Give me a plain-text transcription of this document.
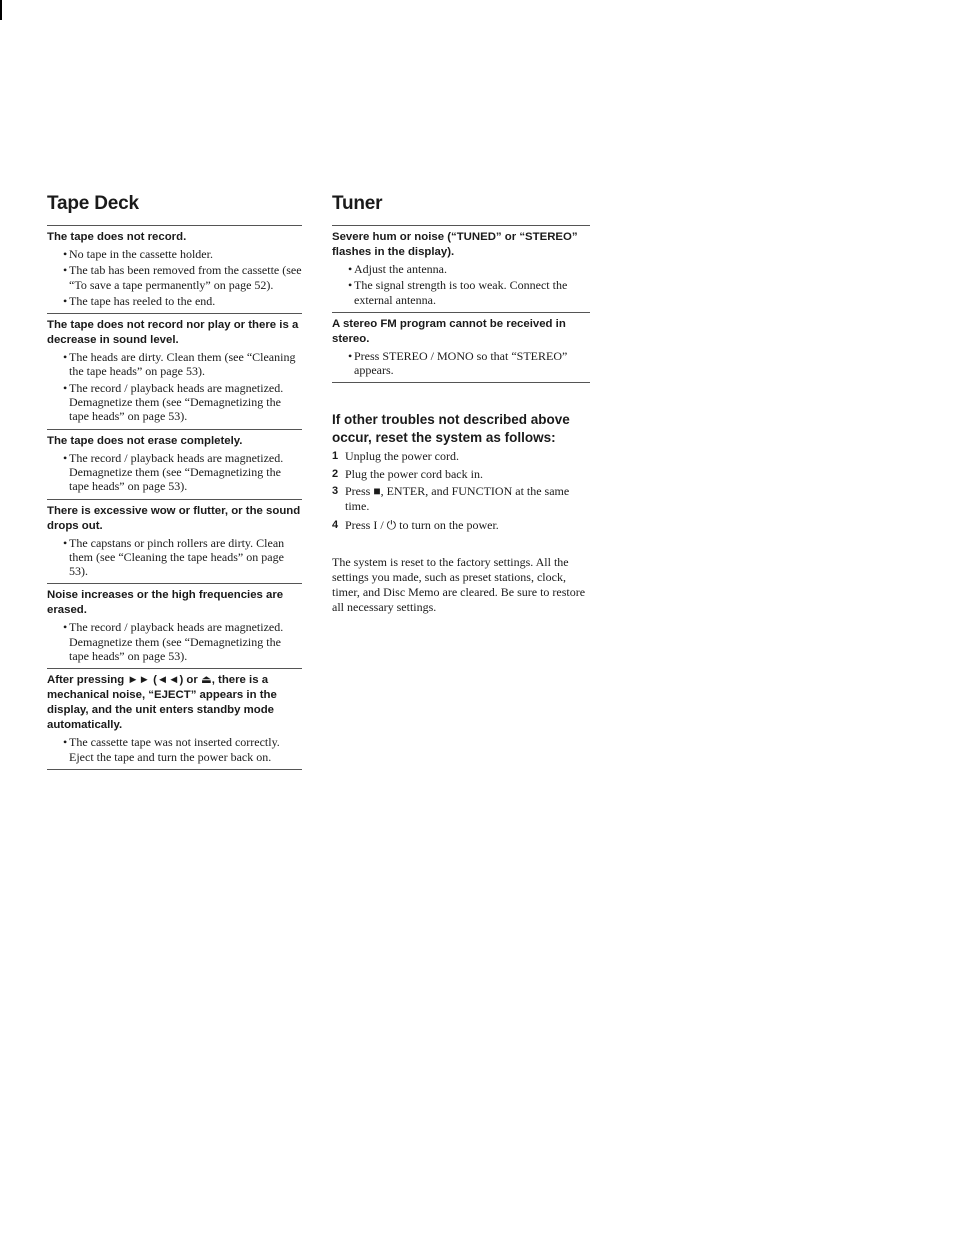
Tape Deck
The tape does not record.
• No tape in the cassette holder.
• The tab has been removed from the cassette (see “To save a tape permanently” on page 52).
• The tape has reeled to the end.
The tape does not record nor play or there is a decrease in sound level.
• The heads are dirty. Clean them (see “Cleaning the tape heads” on page 53).
• The record / playback heads are magnetized. Demagnetize them (see “Demagnetizing the tape heads” on page 53).
The tape does not erase completely.
• The record / playback heads are magnetized. Demagnetize them (see “Demagnetizing the tape heads” on page 53).
There is excessive wow or flutter, or the sound drops out.
• The capstans or pinch rollers are dirty. Clean them (see “Cleaning the tape heads” on page 53).
Noise increases or the high frequencies are erased.
• The record / playback heads are magnetized. Demagnetize them (see “Demagnetizing the tape heads” on page 53).
After pressing ►► (◄◄) or ⏏, there is a mechanical noise, “EJECT” appears in the display, and the unit enters standby mode automatically.
• The cassette tape was not inserted correctly. Eject the tape and turn the power back on.
Tuner
Severe hum or noise (“TUNED” or “STEREO” flashes in the display).
• Adjust the antenna.
• The signal strength is too weak. Connect the external antenna.
A stereo FM program cannot be received in stereo.
• Press STEREO / MONO so that “STEREO” appears.
If other troubles not described above occur, reset the system as follows:
1 Unplug the power cord.
2 Plug the power cord back in.
3 Press ■, ENTER, and FUNCTION at the same time.
4 Press I / ⏻ to turn on the power.

The system is reset to the factory settings. All the settings you made, such as preset stations, clock, timer, and Disc Memo are cleared. Be sure to restore all necessary settings.
